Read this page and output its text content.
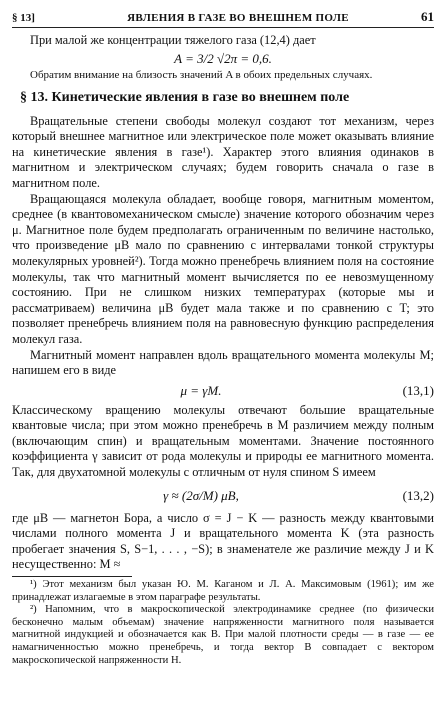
§ 13]	ЯВЛЕНИЯ В ГАЗЕ ВО ВНЕШНЕМ ПОЛЕ	61

При малой же концентрации тяжелого газа (12,4) дает

A = 3/2 √2π = 0,6.

Обратим внимание на близость значений A в обоих предельных случаях.

§ 13. Кинетические явления в газе во внешнем поле

Вращательные степени свободы молекул создают тот механизм, через который внешнее магнитное или электрическое поле может оказывать влияние на кинетические явления в газе¹). Характер этого влияния одинаков в магнитном и электрическом случаях; будем говорить сначала о газе в магнитном поле.

Вращающаяся молекула обладает, вообще говоря, магнитным моментом, среднее (в квантовомеханическом смысле) значение которого обозначим через μ. Магнитное поле будем предполагать ограниченным по величине настолько, что произведение μB мало по сравнению с интервалами тонкой структуры молекулярных уровней²). Тогда можно пренебречь влиянием поля на состояние молекулы, так что магнитный момент вычисляется по ее невозмущенному состоянию. При не слишком низких температурах (которые мы и рассматриваем) величина μB будет мала также и по сравнению с T; это позволяет пренебречь влиянием поля на равновесную функцию распределения молекул газа.

Магнитный момент направлен вдоль вращательного момента молекулы M; напишем его в виде

μ = γM.	(13,1)

Классическому вращению молекулы отвечают большие вращательные квантовые числа; при этом можно пренебречь в M различием между полным (включающим спин) и вращательным моментами. Значение постоянного коэффициента γ зависит от рода молекулы и природы ее магнитного момента. Так, для двухатомной молекулы с отличным от нуля спином S имеем

γ ≈ (2σ/M) μB,	(13,2)

где μB — магнетон Бора, а число σ = J − K — разность между квантовыми числами полного момента J и вращательного момента K (эта разность пробегает значения S, S−1, . . . , −S); в знаменателе же различие между J и K несущественно: M ≈

¹) Этот механизм был указан Ю. М. Каганом и Л. А. Максимовым (1961); им же принадлежат излагаемые в этом параграфе результаты.

²) Напомним, что в макроскопической электродинамике среднее (по физически бесконечно малым объемам) значение напряженности магнитного поля называется магнитной индукцией и обозначается как B. При малой плотности среды — в газе — ее намагниченностью можно пренебречь, и тогда вектор B совпадает с вектором макроскопической напряженности H.
